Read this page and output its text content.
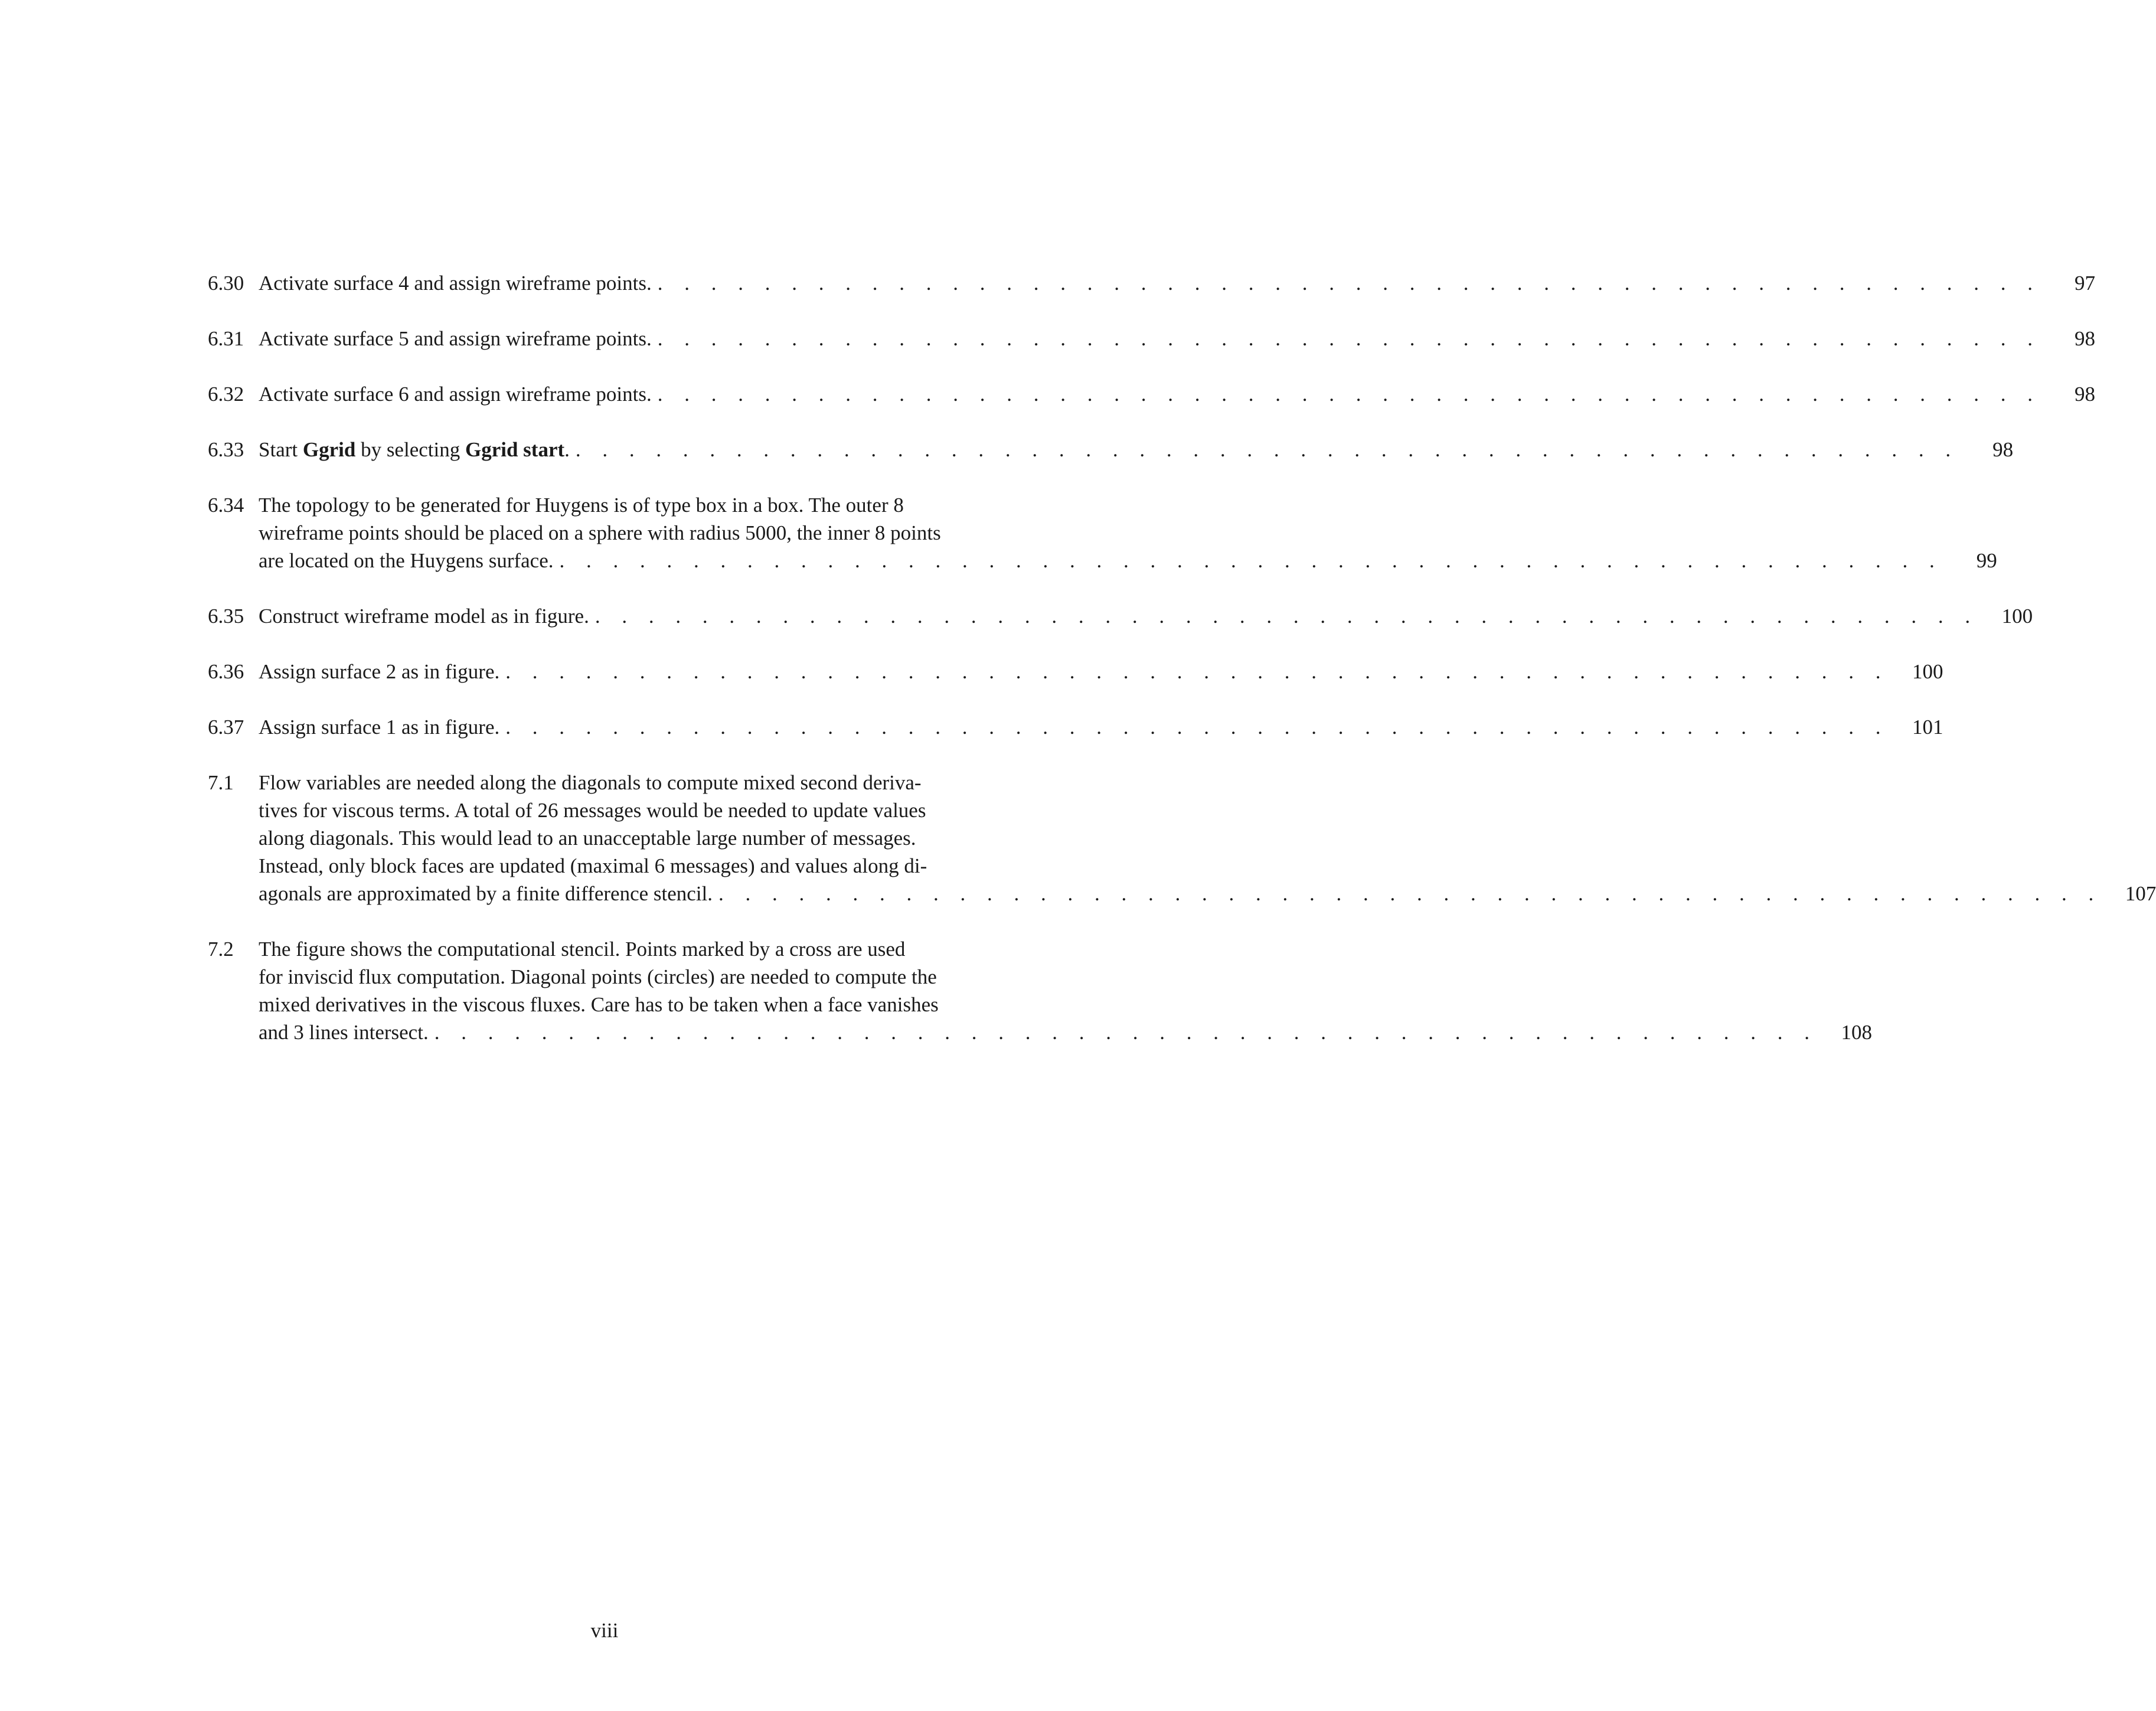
6.30 Activate surface 4 and assign wireframe points. . . . . . . . . . . . . . . . . . . . . . . . . . . . . . . . . . . . . . . . . . . . . . . . . . . . .	97
6.31 Activate surface 5 and assign wireframe points. . . . . . . . . . . . . . . . . . . . . . . . . . . . . . . . . . . . . . . . . . . . . . . . . . . . .	98
6.32 Activate surface 6 and assign wireframe points. . . . . . . . . . . . . . . . . . . . . . . . . . . . . . . . . . . . . . . . . . . . . . . . . . . . .	98
6.33 Start Ggrid by selecting Ggrid start. . . . . . . . . . . . . . . . . . . . . . . . . . . . . . . . . . . . . . . . . . . . . . . . . . . . .	98
6.34 The topology to be generated for Huygens is of type box in a box. The outer 8
wireframe points should be placed on a sphere with radius 5000, the inner 8 points
are located on the Huygens surface. . . . . . . . . . . . . . . . . . . . . . . . . . . . . . . . . . . . . . . . . . . . . . . . . . . . .	99
6.35 Construct wireframe model as in figure. . . . . . . . . . . . . . . . . . . . . . . . . . . . . . . . . . . . . . . . . . . . . . . . . . . . .	100
6.36 Assign surface 2 as in figure. . . . . . . . . . . . . . . . . . . . . . . . . . . . . . . . . . . . . . . . . . . . . . . . . . . . .	100
6.37 Assign surface 1 as in figure. . . . . . . . . . . . . . . . . . . . . . . . . . . . . . . . . . . . . . . . . . . . . . . . . . . . .	101
7.1	Flow variables are needed along the diagonals to compute mixed second deriva-
tives for viscous terms. A total of 26 messages would be needed to update values
along diagonals. This would lead to an unacceptable large number of messages.
Instead, only block faces are updated (maximal 6 messages) and values along di-
agonals are approximated by a finite difference stencil. . . . . . . . . . . . . . . . . . . . . . . . . . . . . . . . . . . . . . . . . . . . . . . . . . . . .	107
7.2	The figure shows the computational stencil. Points marked by a cross are used
for inviscid flux computation. Diagonal points (circles) are needed to compute the
mixed derivatives in the viscous fluxes. Care has to be taken when a face vanishes
and 3 lines intersect. . . . . . . . . . . . . . . . . . . . . . . . . . . . . . . . . . . . . . . . . . . . . . . . . . . . .	108
viii
